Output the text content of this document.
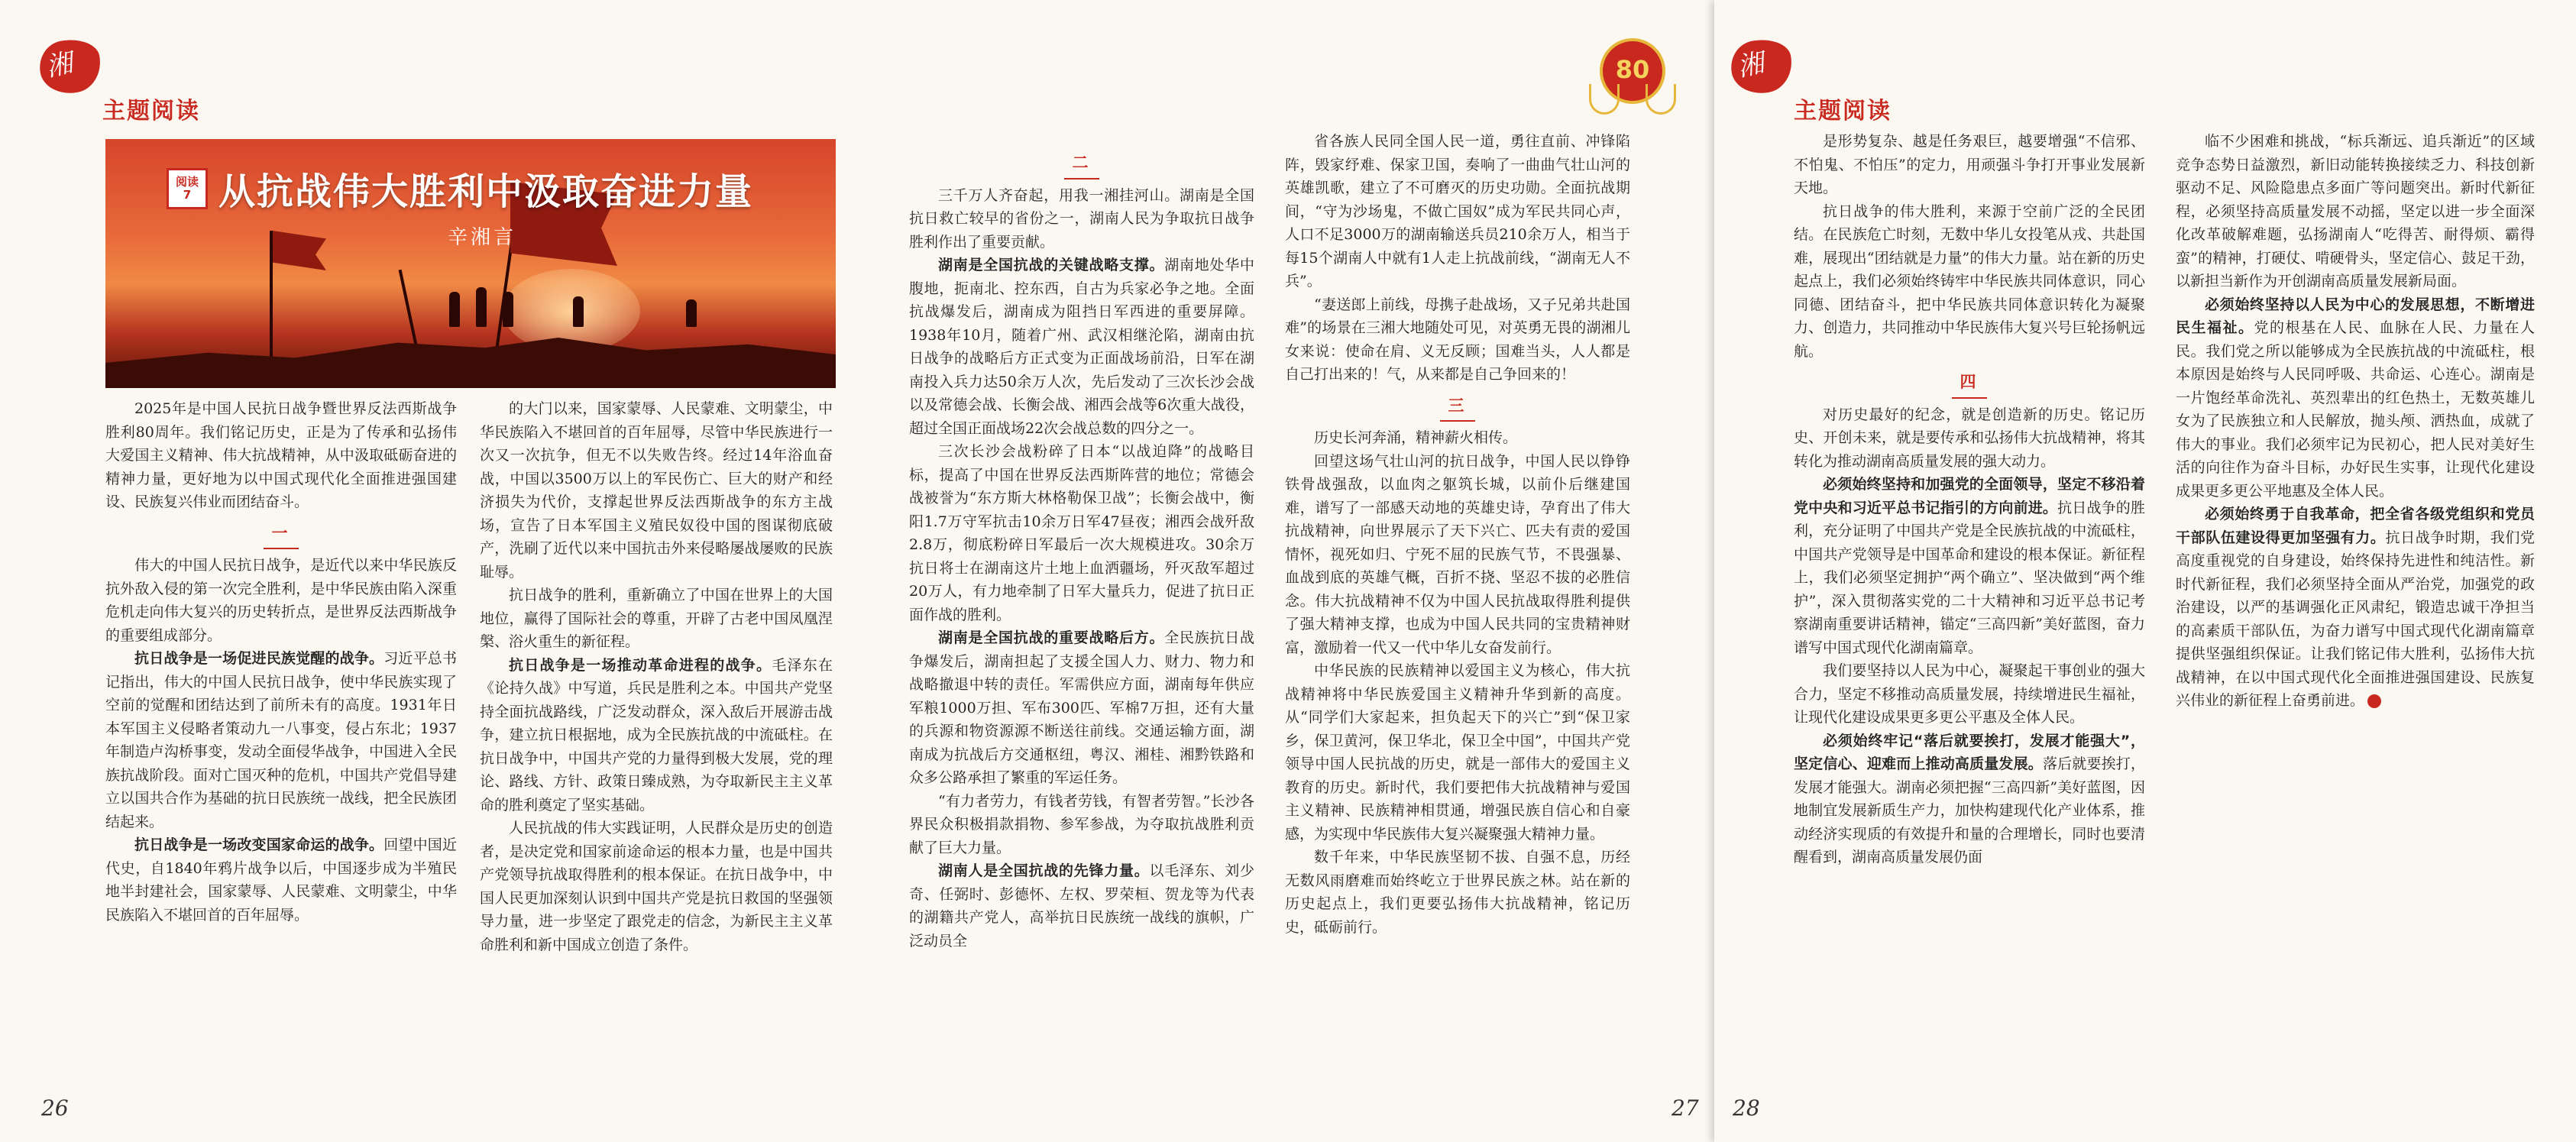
湘
主题阅读
阅读
7 从抗战伟大胜利中汲取奋进力量
辛湘言

2025年是中国人民抗日战争暨世界反法西斯战争胜利80周年。我们铭记历史，正是为了传承和弘扬伟大爱国主义精神、伟大抗战精神，从中汲取砥砺奋进的精神力量，更好地为以中国式现代化全面推进强国建设、民族复兴伟业而团结奋斗。

一

伟大的中国人民抗日战争，是近代以来中华民族反抗外敌入侵的第一次完全胜利，是中华民族由陷入深重危机走向伟大复兴的历史转折点，是世界反法西斯战争的重要组成部分。

抗日战争是一场促进民族觉醒的战争。习近平总书记指出，伟大的中国人民抗日战争，使中华民族实现了空前的觉醒和团结达到了前所未有的高度。1931年日本军国主义侵略者策动九一八事变，侵占东北；1937年制造卢沟桥事变，发动全面侵华战争，中国进入全民族抗战阶段。面对亡国灭种的危机，中国共产党倡导建立以国共合作为基础的抗日民族统一战线，把全民族团结起来。

抗日战争是一场改变国家命运的战争。回望中国近代史，自1840年鸦片战争以后，中国逐步成为半殖民地半封建社会，国家蒙辱、人民蒙难、文明蒙尘，中华民族陷入不堪回首的百年屈辱。

的大门以来，国家蒙辱、人民蒙难、文明蒙尘，中华民族陷入不堪回首的百年屈辱，尽管中华民族进行一次又一次抗争，但无不以失败告终。经过14年浴血奋战，中国以3500万以上的军民伤亡、巨大的财产和经济损失为代价，支撑起世界反法西斯战争的东方主战场，宣告了日本军国主义殖民奴役中国的图谋彻底破产，洗刷了近代以来中国抗击外来侵略屡战屡败的民族耻辱。

抗日战争的胜利，重新确立了中国在世界上的大国地位，赢得了国际社会的尊重，开辟了古老中国凤凰涅槃、浴火重生的新征程。

抗日战争是一场推动革命进程的战争。毛泽东在《论持久战》中写道，兵民是胜利之本。中国共产党坚持全面抗战路线，广泛发动群众，深入敌后开展游击战争，建立抗日根据地，成为全民族抗战的中流砥柱。在抗日战争中，中国共产党的力量得到极大发展，党的理论、路线、方针、政策日臻成熟，为夺取新民主主义革命的胜利奠定了坚实基础。

人民抗战的伟大实践证明，人民群众是历史的创造者，是决定党和国家前途命运的根本力量，也是中国共产党领导抗战取得胜利的根本保证。在抗日战争中，中国人民更加深刻认识到中国共产党是抗日救国的坚强领导力量，进一步坚定了跟党走的信念，为新民主主义革命胜利和新中国成立创造了条件。

26
80

二

三千万人齐奋起，用我一湘挂河山。湖南是全国抗日救亡较早的省份之一，湖南人民为争取抗日战争胜利作出了重要贡献。

湖南是全国抗战的关键战略支撑。湖南地处华中腹地，扼南北、控东西，自古为兵家必争之地。全面抗战爆发后，湖南成为阻挡日军西进的重要屏障。1938年10月，随着广州、武汉相继沦陷，湖南由抗日战争的战略后方正式变为正面战场前沿，日军在湖南投入兵力达50余万人次，先后发动了三次长沙会战以及常德会战、长衡会战、湘西会战等6次重大战役，超过全国正面战场22次会战总数的四分之一。

三次长沙会战粉碎了日本“以战迫降”的战略目标，提高了中国在世界反法西斯阵营的地位；常德会战被誉为“东方斯大林格勒保卫战”；长衡会战中，衡阳1.7万守军抗击10余万日军47昼夜；湘西会战歼敌2.8万，彻底粉碎日军最后一次大规模进攻。30余万抗日将士在湖南这片土地上血洒疆场，歼灭敌军超过20万人，有力地牵制了日军大量兵力，促进了抗日正面作战的胜利。

湖南是全国抗战的重要战略后方。全民族抗日战争爆发后，湖南担起了支援全国人力、财力、物力和战略撤退中转的责任。军需供应方面，湖南每年供应军粮1000万担、军布300匹、军棉7万担，还有大量的兵源和物资源源不断送往前线。交通运输方面，湖南成为抗战后方交通枢纽，粤汉、湘桂、湘黔铁路和众多公路承担了繁重的军运任务。

“有力者劳力，有钱者劳钱，有智者劳智。”长沙各界民众积极捐款捐物、参军参战，为夺取抗战胜利贡献了巨大力量。

湖南人是全国抗战的先锋力量。以毛泽东、刘少奇、任弼时、彭德怀、左权、罗荣桓、贺龙等为代表的湖籍共产党人，高举抗日民族统一战线的旗帜，广泛动员全

省各族人民同全国人民一道，勇往直前、冲锋陷阵，毁家纾难、保家卫国，奏响了一曲曲气壮山河的英雄凯歌，建立了不可磨灭的历史功勋。全面抗战期间，“守为沙场鬼，不做亡国奴”成为军民共同心声，人口不足3000万的湖南输送兵员210余万人，相当于每15个湖南人中就有1人走上抗战前线，“湖南无人不兵”。

“妻送郎上前线，母携子赴战场，又子兄弟共赴国难”的场景在三湘大地随处可见，对英勇无畏的湖湘儿女来说：使命在肩、义无反顾；国难当头，人人都是自己打出来的！气，从来都是自己争回来的！

三

历史长河奔涌，精神薪火相传。

回望这场气壮山河的抗日战争，中国人民以铮铮铁骨战强敌，以血肉之躯筑长城，以前仆后继建国难，谱写了一部感天动地的英雄史诗，孕育出了伟大抗战精神，向世界展示了天下兴亡、匹夫有责的爱国情怀，视死如归、宁死不屈的民族气节，不畏强暴、血战到底的英雄气概，百折不挠、坚忍不拔的必胜信念。伟大抗战精神不仅为中国人民抗战取得胜利提供了强大精神支撑，也成为中国人民共同的宝贵精神财富，激励着一代又一代中华儿女奋发前行。

中华民族的民族精神以爱国主义为核心，伟大抗战精神将中华民族爱国主义精神升华到新的高度。从“同学们大家起来，担负起天下的兴亡”到“保卫家乡，保卫黄河，保卫华北，保卫全中国”，中国共产党领导中国人民抗战的历史，就是一部伟大的爱国主义教育的历史。新时代，我们要把伟大抗战精神与爱国主义精神、民族精神相贯通，增强民族自信心和自豪感，为实现中华民族伟大复兴凝聚强大精神力量。

数千年来，中华民族坚韧不拔、自强不息，历经无数风雨磨难而始终屹立于世界民族之林。站在新的历史起点上，我们更要弘扬伟大抗战精神，铭记历史，砥砺前行。

27
湘
主题阅读

是形势复杂、越是任务艰巨，越要增强“不信邪、不怕鬼、不怕压”的定力，用顽强斗争打开事业发展新天地。

抗日战争的伟大胜利，来源于空前广泛的全民团结。在民族危亡时刻，无数中华儿女投笔从戎、共赴国难，展现出“团结就是力量”的伟大力量。站在新的历史起点上，我们必须始终铸牢中华民族共同体意识，同心同德、团结奋斗，把中华民族共同体意识转化为凝聚力、创造力，共同推动中华民族伟大复兴号巨轮扬帆远航。

四

对历史最好的纪念，就是创造新的历史。铭记历史、开创未来，就是要传承和弘扬伟大抗战精神，将其转化为推动湖南高质量发展的强大动力。

必须始终坚持和加强党的全面领导，坚定不移沿着党中央和习近平总书记指引的方向前进。抗日战争的胜利，充分证明了中国共产党是全民族抗战的中流砥柱，中国共产党领导是中国革命和建设的根本保证。新征程上，我们必须坚定拥护“两个确立”、坚决做到“两个维护”，深入贯彻落实党的二十大精神和习近平总书记考察湖南重要讲话精神，锚定“三高四新”美好蓝图，奋力谱写中国式现代化湖南篇章。

我们要坚持以人民为中心，凝聚起干事创业的强大合力，坚定不移推动高质量发展，持续增进民生福祉，让现代化建设成果更多更公平惠及全体人民。

必须始终牢记“落后就要挨打，发展才能强大”，坚定信心、迎难而上推动高质量发展。落后就要挨打，发展才能强大。湖南必须把握“三高四新”美好蓝图，因地制宜发展新质生产力，加快构建现代化产业体系，推动经济实现质的有效提升和量的合理增长，同时也要清醒看到，湖南高质量发展仍面

临不少困难和挑战，“标兵渐远、追兵渐近”的区域竞争态势日益激烈，新旧动能转换接续乏力、科技创新驱动不足、风险隐患点多面广等问题突出。新时代新征程，必须坚持高质量发展不动摇，坚定以进一步全面深化改革破解难题，弘扬湖南人“吃得苦、耐得烦、霸得蛮”的精神，打硬仗、啃硬骨头，坚定信心、鼓足干劲，以新担当新作为开创湖南高质量发展新局面。

必须始终坚持以人民为中心的发展思想，不断增进民生福祉。党的根基在人民、血脉在人民、力量在人民。我们党之所以能够成为全民族抗战的中流砥柱，根本原因是始终与人民同呼吸、共命运、心连心。湖南是一片饱经革命洗礼、英烈辈出的红色热土，无数英雄儿女为了民族独立和人民解放，抛头颅、洒热血，成就了伟大的事业。我们必须牢记为民初心，把人民对美好生活的向往作为奋斗目标，办好民生实事，让现代化建设成果更多更公平地惠及全体人民。

必须始终勇于自我革命，把全省各级党组织和党员干部队伍建设得更加坚强有力。抗日战争时期，我们党高度重视党的自身建设，始终保持先进性和纯洁性。新时代新征程，我们必须坚持全面从严治党，加强党的政治建设，以严的基调强化正风肃纪，锻造忠诚干净担当的高素质干部队伍，为奋力谱写中国式现代化湖南篇章提供坚强组织保证。让我们铭记伟大胜利，弘扬伟大抗战精神，在以中国式现代化全面推进强国建设、民族复兴伟业的新征程上奋勇前进。

28
